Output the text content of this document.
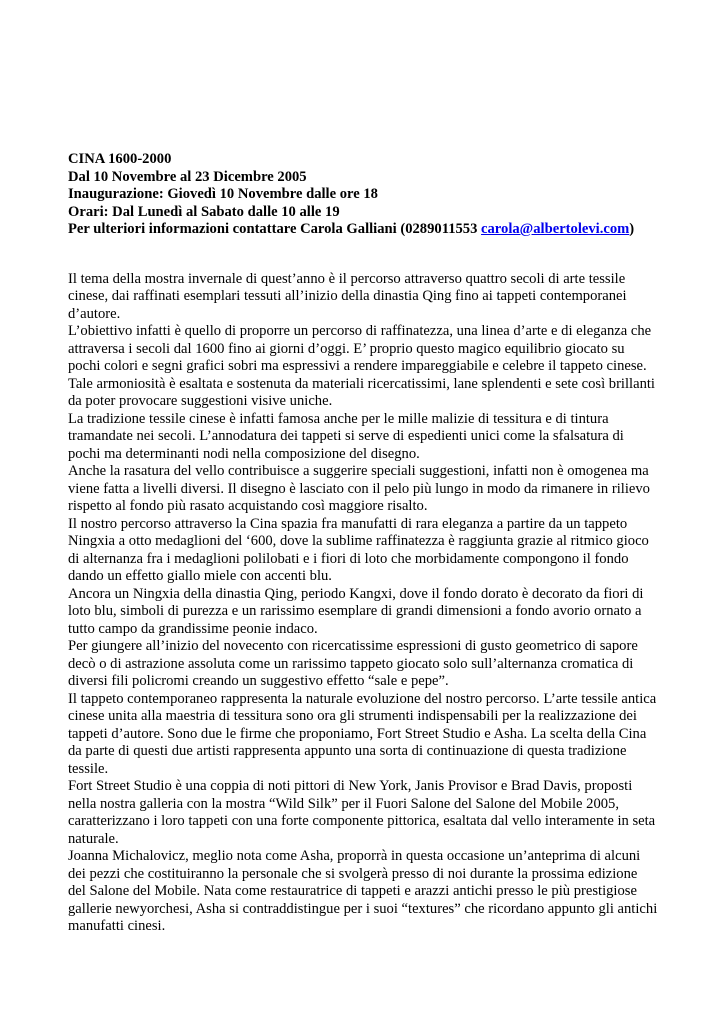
CINA 1600-2000
Dal 10 Novembre al 23 Dicembre 2005
Inaugurazione: Giovedì 10 Novembre dalle ore 18
Orari: Dal Lunedì al Sabato dalle 10 alle 19
Per ulteriori informazioni contattare Carola Galliani (0289011553 carola@albertolevi.com)

Il tema della mostra invernale di quest’anno è il percorso attraverso quattro secoli di arte tessile cinese, dai raffinati esemplari tessuti all’inizio della dinastia Qing fino ai tappeti contemporanei d’autore.

L’obiettivo infatti è quello di proporre un percorso di raffinatezza, una linea d’arte e di eleganza che attraversa i secoli dal 1600 fino ai giorni d’oggi. E’ proprio questo magico equilibrio giocato su pochi colori e segni grafici sobri ma espressivi a rendere impareggiabile e celebre il tappeto cinese. Tale armoniosità è esaltata e sostenuta da materiali ricercatissimi, lane splendenti e sete così brillanti da poter provocare suggestioni visive uniche.

La tradizione tessile cinese è infatti famosa anche per le mille malizie di tessitura e di tintura tramandate nei secoli. L’annodatura dei tappeti si serve di espedienti unici come la sfalsatura di pochi ma determinanti nodi nella composizione del disegno.

Anche la rasatura del vello contribuisce a suggerire speciali suggestioni, infatti non è omogenea ma viene fatta a livelli diversi. Il disegno è lasciato con il pelo più lungo in modo da rimanere in rilievo rispetto al fondo più rasato acquistando così maggiore risalto.

Il nostro percorso attraverso la Cina spazia fra manufatti di rara eleganza a partire da un tappeto Ningxia a otto medaglioni del ‘600, dove la sublime raffinatezza è raggiunta grazie al ritmico gioco di alternanza fra i medaglioni polilobati e i fiori di loto che morbidamente compongono il fondo dando un effetto giallo miele con accenti blu.

Ancora un Ningxia della dinastia Qing, periodo Kangxi, dove il fondo dorato è decorato da fiori di loto blu, simboli di purezza e un rarissimo esemplare di grandi dimensioni a fondo avorio ornato a tutto campo da grandissime peonie indaco.

Per giungere all’inizio del novecento con ricercatissime espressioni di gusto geometrico di sapore decò o di astrazione assoluta come un rarissimo tappeto giocato solo sull’alternanza cromatica di diversi fili policromi creando un suggestivo effetto “sale e pepe”.

Il tappeto contemporaneo rappresenta la naturale evoluzione del nostro percorso. L’arte tessile antica cinese unita alla maestria di tessitura sono ora gli strumenti indispensabili per la realizzazione dei tappeti d’autore. Sono due le firme che proponiamo, Fort Street Studio e Asha. La scelta della Cina da parte di questi due artisti rappresenta appunto una sorta di continuazione di questa tradizione tessile.

Fort Street Studio è una coppia di noti pittori di New York, Janis Provisor e Brad Davis, proposti nella nostra galleria con la mostra “Wild Silk” per il Fuori Salone del Salone del Mobile 2005, caratterizzano i loro tappeti con una forte componente pittorica, esaltata dal vello interamente in seta naturale.

Joanna Michalovicz, meglio nota come Asha, proporrà in questa occasione un’anteprima di alcuni dei pezzi che costituiranno la personale che si svolgerà presso di noi durante la prossima edizione del Salone del Mobile. Nata come restauratrice di tappeti e arazzi antichi presso le più prestigiose gallerie newyorchesi, Asha si contraddistingue per i suoi “textures” che ricordano appunto gli antichi manufatti cinesi.
